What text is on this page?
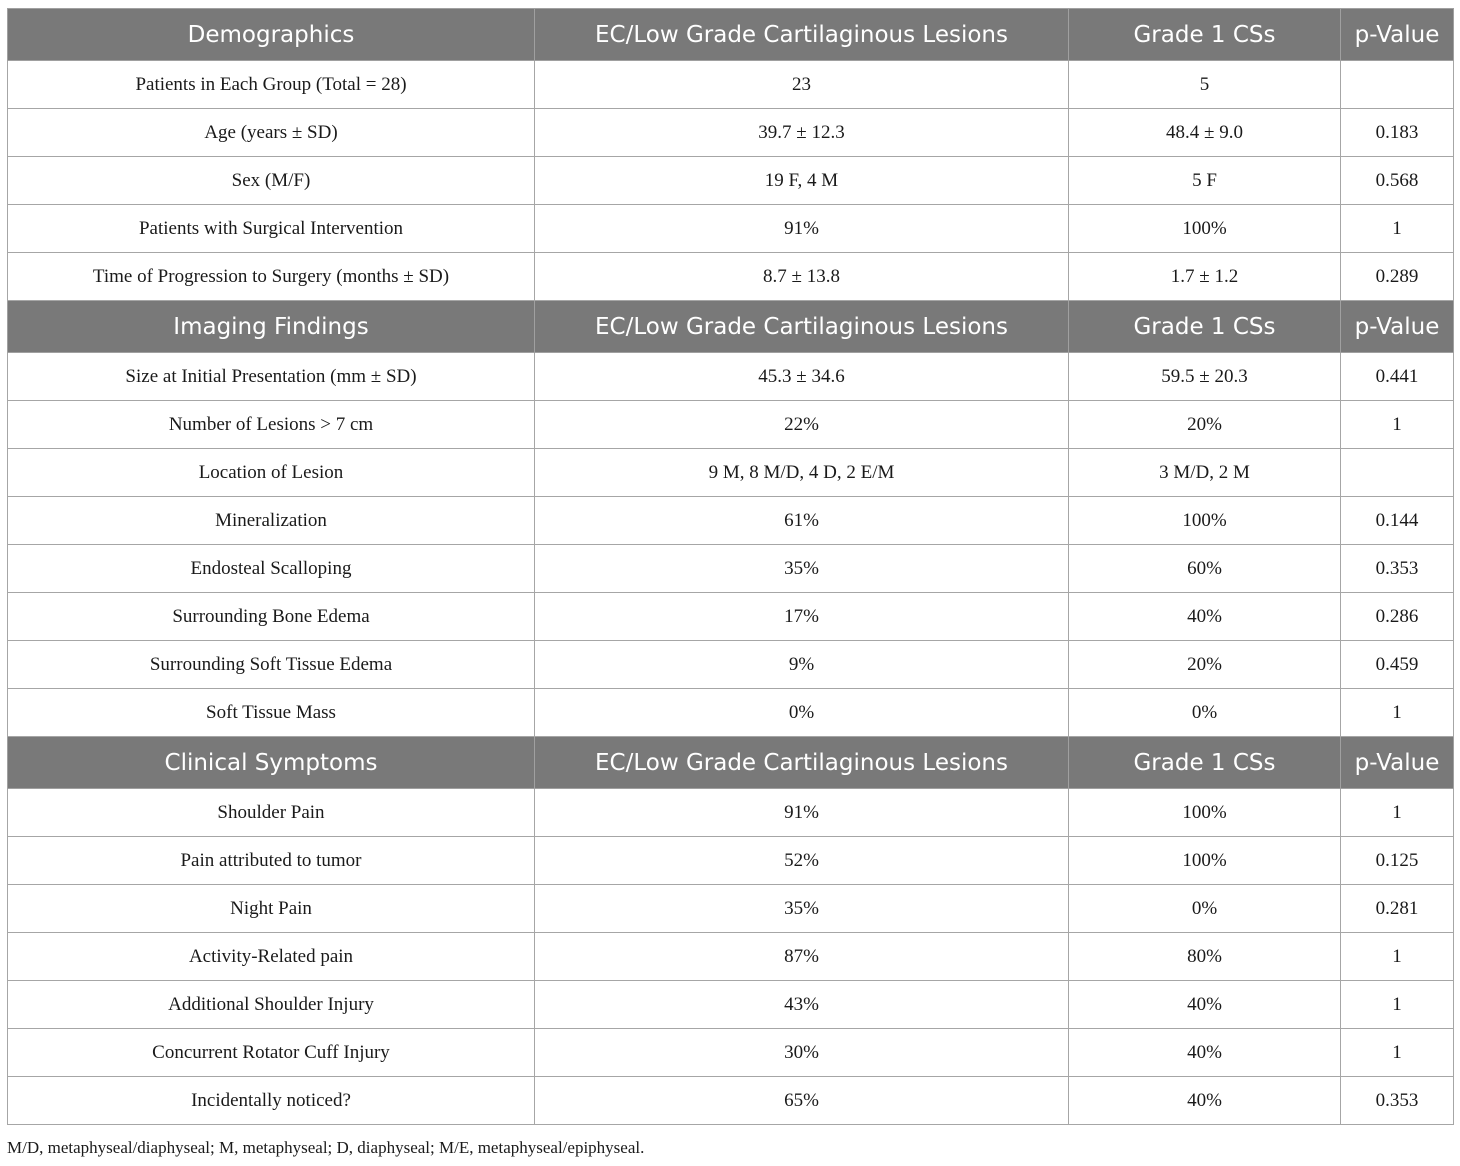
Demographics	EC/Low Grade Cartilaginous Lesions	Grade 1 CSs	p-Value
Patients in Each Group (Total = 28)	23	5	
Age (years ± SD)	39.7 ± 12.3	48.4 ± 9.0	0.183
Sex (M/F)	19 F, 4 M	5 F	0.568
Patients with Surgical Intervention	91%	100%	1
Time of Progression to Surgery (months ± SD)	8.7 ± 13.8	1.7 ± 1.2	0.289
Imaging Findings	EC/Low Grade Cartilaginous Lesions	Grade 1 CSs	p-Value
Size at Initial Presentation (mm ± SD)	45.3 ± 34.6	59.5 ± 20.3	0.441
Number of Lesions > 7 cm	22%	20%	1
Location of Lesion	9 M, 8 M/D, 4 D, 2 E/M	3 M/D, 2 M	
Mineralization	61%	100%	0.144
Endosteal Scalloping	35%	60%	0.353
Surrounding Bone Edema	17%	40%	0.286
Surrounding Soft Tissue Edema	9%	20%	0.459
Soft Tissue Mass	0%	0%	1
Clinical Symptoms	EC/Low Grade Cartilaginous Lesions	Grade 1 CSs	p-Value
Shoulder Pain	91%	100%	1
Pain attributed to tumor	52%	100%	0.125
Night Pain	35%	0%	0.281
Activity-Related pain	87%	80%	1
Additional Shoulder Injury	43%	40%	1
Concurrent Rotator Cuff Injury	30%	40%	1
Incidentally noticed?	65%	40%	0.353
M/D, metaphyseal/diaphyseal; M, metaphyseal; D, diaphyseal; M/E, metaphyseal/epiphyseal.
